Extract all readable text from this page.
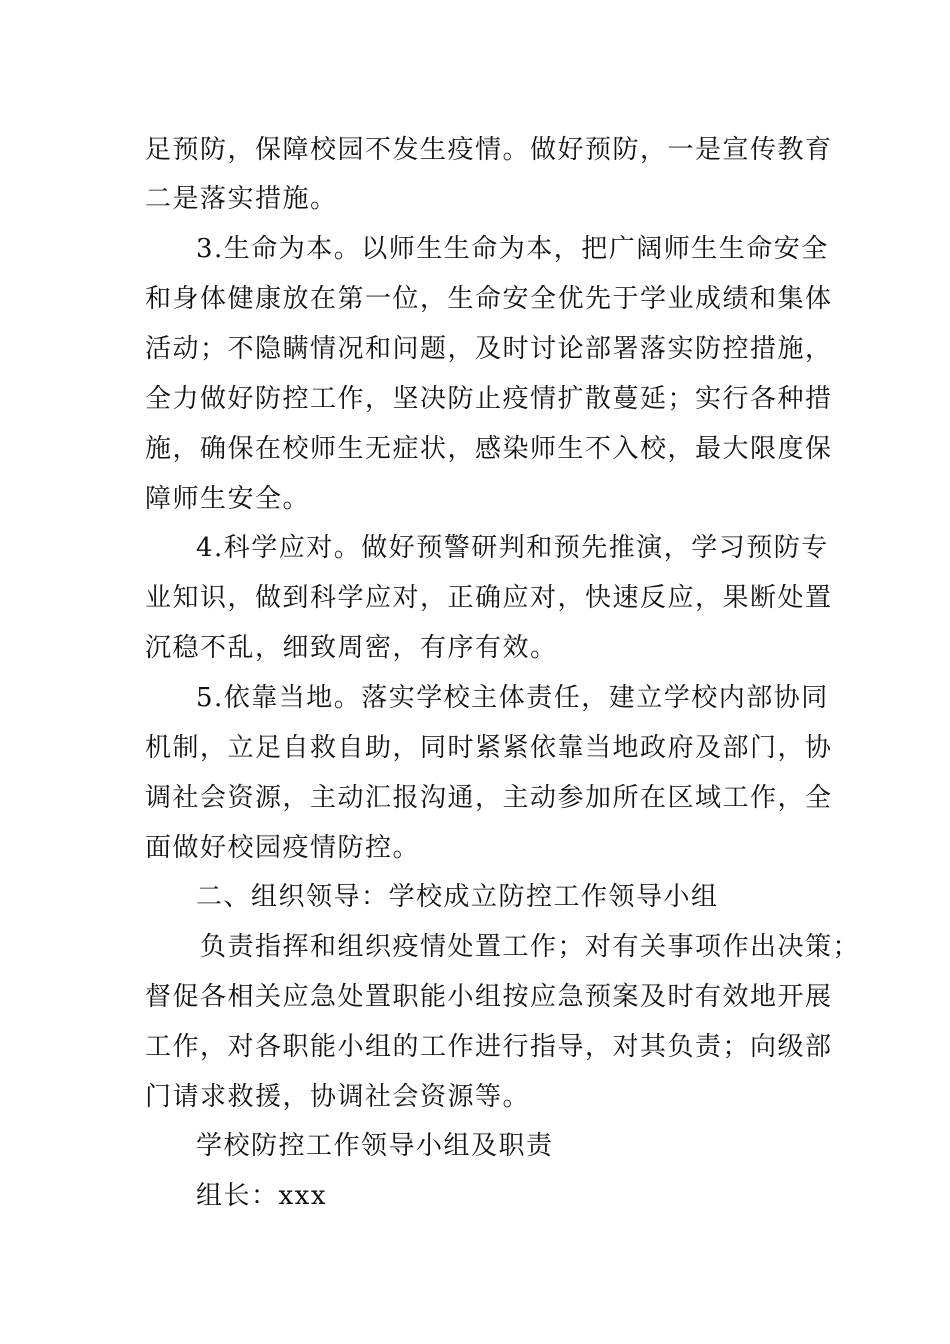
足预防，保障校园不发生疫情。做好预防，一是宣传教育
二是落实措施。
3.生命为本。以师生生命为本，把广阔师生生命安全
和身体健康放在第一位，生命安全优先于学业成绩和集体
活动；不隐瞒情况和问题，及时讨论部署落实防控措施，
全力做好防控工作，坚决防止疫情扩散蔓延；实行各种措
施，确保在校师生无症状，感染师生不入校，最大限度保
障师生安全。
4.科学应对。做好预警研判和预先推演，学习预防专
业知识，做到科学应对，正确应对，快速反应，果断处置
沉稳不乱，细致周密，有序有效。
5.依靠当地。落实学校主体责任，建立学校内部协同
机制，立足自救自助，同时紧紧依靠当地政府及部门，协
调社会资源，主动汇报沟通，主动参加所在区域工作，全
面做好校园疫情防控。
二、组织领导：学校成立防控工作领导小组
负责指挥和组织疫情处置工作；对有关事项作出决策；
督促各相关应急处置职能小组按应急预案及时有效地开展
工作，对各职能小组的工作进行指导，对其负责；向级部
门请求救援，协调社会资源等。
学校防控工作领导小组及职责
组长：xxx
